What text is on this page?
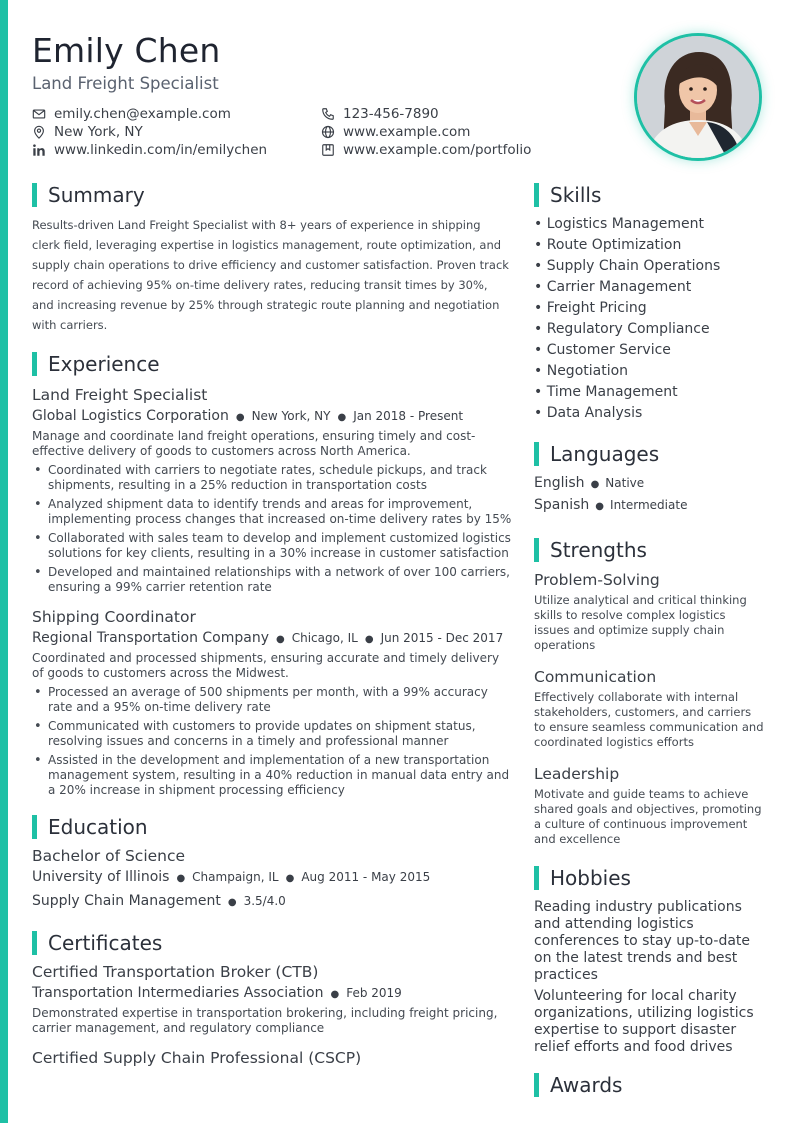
Emily Chen
Land Freight Specialist
emily.chen@example.com	123-456-7890
New York, NY	www.example.com
www.linkedin.com/in/emilychen	www.example.com/portfolio
Summary
Results-driven Land Freight Specialist with 8+ years of experience in shipping clerk field, leveraging expertise in logistics management, route optimization, and supply chain operations to drive efficiency and customer satisfaction. Proven track record of achieving 95% on-time delivery rates, reducing transit times by 30%, and increasing revenue by 25% through strategic route planning and negotiation with carriers.
Experience
Land Freight Specialist
Global Logistics Corporation ● New York, NY ● Jan 2018 - Present
Manage and coordinate land freight operations, ensuring timely and cost-effective delivery of goods to customers across North America.
• Coordinated with carriers to negotiate rates, schedule pickups, and track shipments, resulting in a 25% reduction in transportation costs
• Analyzed shipment data to identify trends and areas for improvement, implementing process changes that increased on-time delivery rates by 15%
• Collaborated with sales team to develop and implement customized logistics solutions for key clients, resulting in a 30% increase in customer satisfaction
• Developed and maintained relationships with a network of over 100 carriers, ensuring a 99% carrier retention rate
Shipping Coordinator
Regional Transportation Company ● Chicago, IL ● Jun 2015 - Dec 2017
Coordinated and processed shipments, ensuring accurate and timely delivery of goods to customers across the Midwest.
• Processed an average of 500 shipments per month, with a 99% accuracy rate and a 95% on-time delivery rate
• Communicated with customers to provide updates on shipment status, resolving issues and concerns in a timely and professional manner
• Assisted in the development and implementation of a new transportation management system, resulting in a 40% reduction in manual data entry and a 20% increase in shipment processing efficiency
Education
Bachelor of Science
University of Illinois ● Champaign, IL ● Aug 2011 - May 2015
Supply Chain Management ● 3.5/4.0
Certificates
Certified Transportation Broker (CTB)
Transportation Intermediaries Association ● Feb 2019
Demonstrated expertise in transportation brokering, including freight pricing, carrier management, and regulatory compliance
Certified Supply Chain Professional (CSCP)
Skills
• Logistics Management
• Route Optimization
• Supply Chain Operations
• Carrier Management
• Freight Pricing
• Regulatory Compliance
• Customer Service
• Negotiation
• Time Management
• Data Analysis
Languages
English ● Native
Spanish ● Intermediate
Strengths
Problem-Solving
Utilize analytical and critical thinking skills to resolve complex logistics issues and optimize supply chain operations
Communication
Effectively collaborate with internal stakeholders, customers, and carriers to ensure seamless communication and coordinated logistics efforts
Leadership
Motivate and guide teams to achieve shared goals and objectives, promoting a culture of continuous improvement and excellence
Hobbies
Reading industry publications and attending logistics conferences to stay up-to-date on the latest trends and best practices
Volunteering for local charity organizations, utilizing logistics expertise to support disaster relief efforts and food drives
Awards
